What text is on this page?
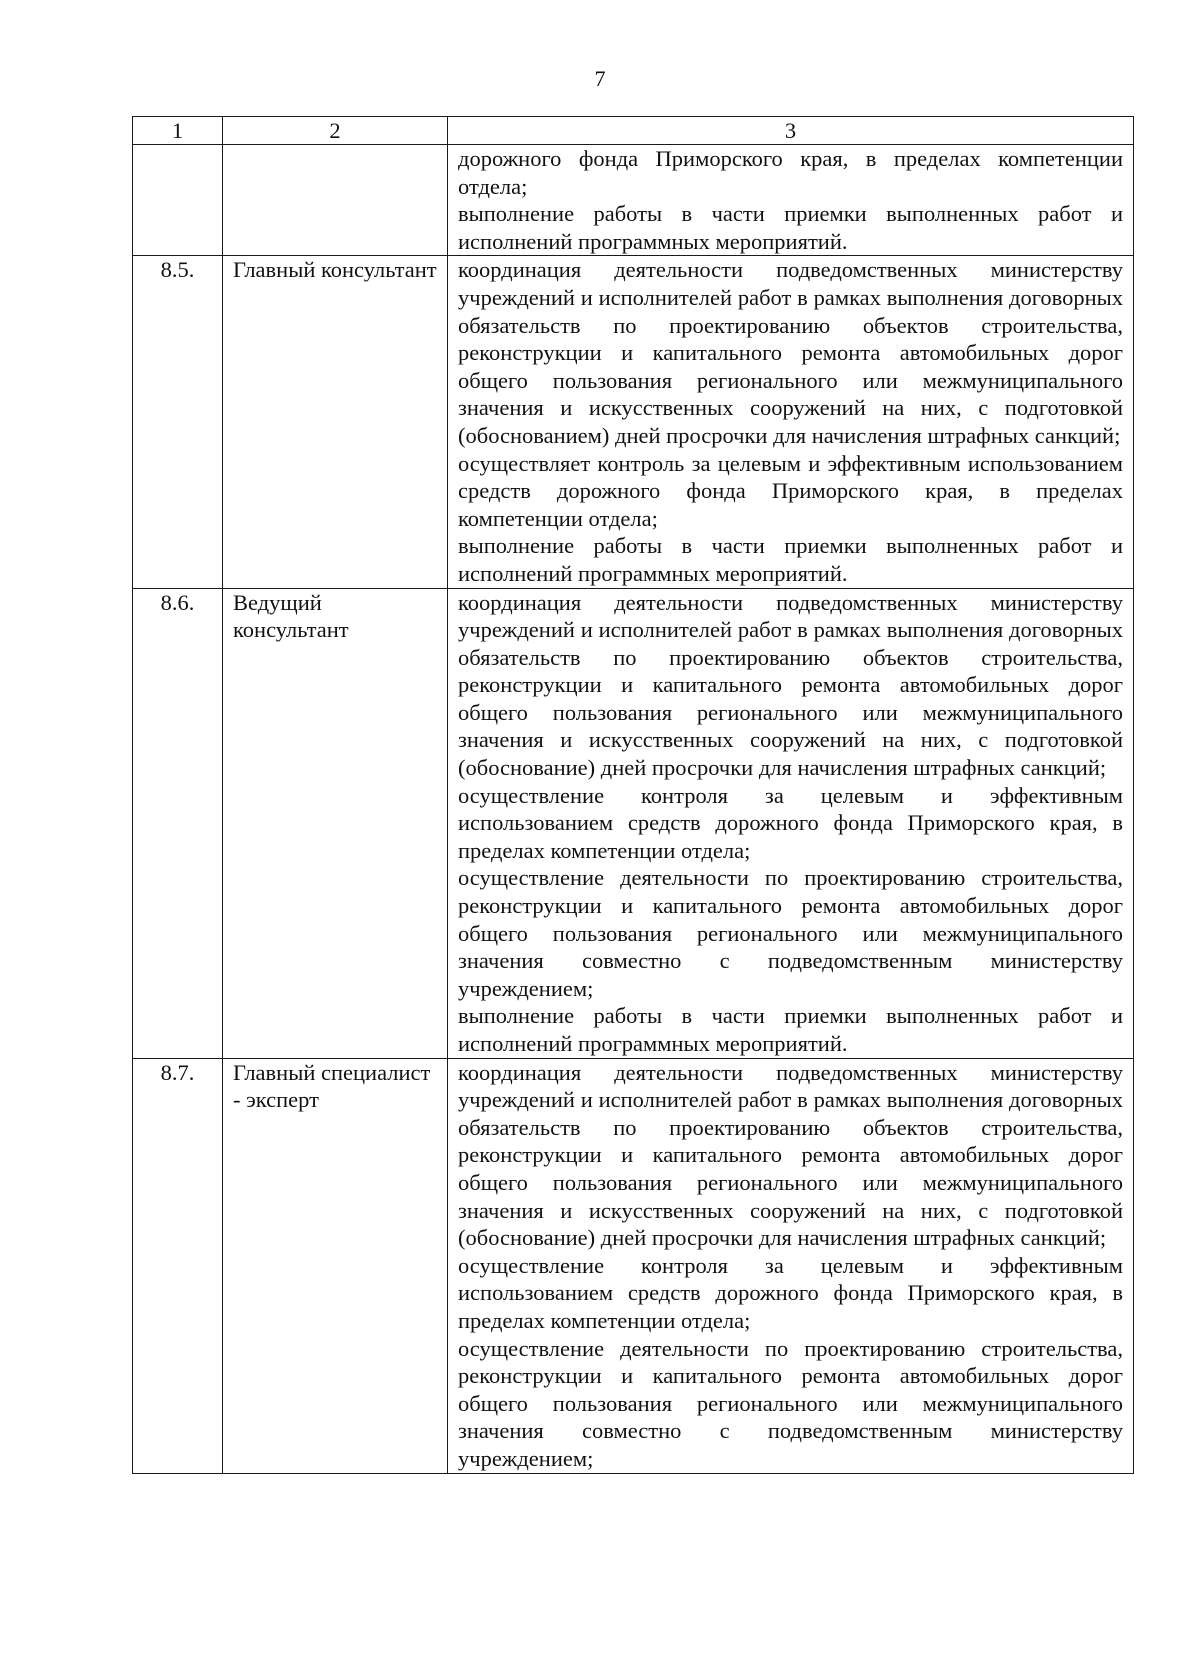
7
1	2	3

		дорожного фонда Приморского края, в пределах компетенции отдела;
выполнение работы в части приемки выполненных работ и исполнений программных мероприятий.

8.5.	Главный консультант	координация деятельности подведомственных министерству учреждений и исполнителей работ в рамках выполнения договорных обязательств по проектированию объектов строительства, реконструкции и капитального ремонта автомобильных дорог общего пользования регионального или межмуниципального значения и искусственных сооружений на них, с подготовкой (обоснованием) дней просрочки для начисления штрафных санкций;
осуществляет контроль за целевым и эффективным использованием средств дорожного фонда Приморского края, в пределах компетенции отдела;
выполнение работы в части приемки выполненных работ и исполнений программных мероприятий.

8.6.	Ведущий консультант	координация деятельности подведомственных министерству учреждений и исполнителей работ в рамках выполнения договорных обязательств по проектированию объектов строительства, реконструкции и капитального ремонта автомобильных дорог общего пользования регионального или межмуниципального значения и искусственных сооружений на них, с подготовкой (обоснование) дней просрочки для начисления штрафных санкций;
осуществление контроля за целевым и эффективным использованием средств дорожного фонда Приморского края, в пределах компетенции отдела;
осуществление деятельности по проектированию строительства, реконструкции и капитального ремонта автомобильных дорог общего пользования регионального или межмуниципального значения совместно с подведомственным министерству учреждением;
выполнение работы в части приемки выполненных работ и исполнений программных мероприятий.

8.7.	Главный специалист - эксперт	координация деятельности подведомственных министерству учреждений и исполнителей работ в рамках выполнения договорных обязательств по проектированию объектов строительства, реконструкции и капитального ремонта автомобильных дорог общего пользования регионального или межмуниципального значения и искусственных сооружений на них, с подготовкой (обоснование) дней просрочки для начисления штрафных санкций;
осуществление контроля за целевым и эффективным использованием средств дорожного фонда Приморского края, в пределах компетенции отдела;
осуществление деятельности по проектированию строительства, реконструкции и капитального ремонта автомобильных дорог общего пользования регионального или межмуниципального значения совместно с подведомственным министерству учреждением;
